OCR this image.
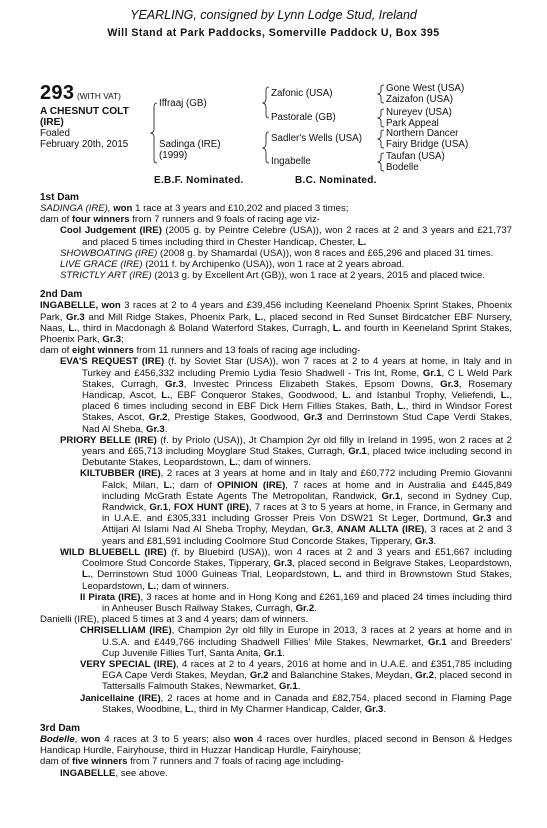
YEARLING, consigned by Lynn Lodge Stud, Ireland
Will Stand at Park Paddocks, Somerville Paddock U, Box 395
293 (WITH VAT)
A CHESNUT COLT
(IRE)
Foaled
February 20th, 2015
Iffraaj (GB)
Sadinga (IRE)
(1999)
Zafonic (USA)
Pastorale (GB)
Sadler's Wells (USA)
Ingabelle
Gone West (USA)
Zaizafon (USA)
Nureyev (USA)
Park Appeal
Northern Dancer
Fairy Bridge (USA)
Taufan (USA)
Bodelle
E.B.F. Nominated.	B.C. Nominated.
1st Dam

SADINGA (IRE), won 1 race at 3 years and £10,202 and placed 3 times;

dam of four winners from 7 runners and 9 foals of racing age viz-

Cool Judgement (IRE) (2005 g. by Peintre Celebre (USA)), won 2 races at 2 and 3 years and £21,737 and placed 5 times including third in Chester Handicap, Chester, L.

SHOWBOATING (IRE) (2008 g. by Shamardal (USA)), won 8 races and £65,296 and placed 31 times.

LIVE GRACE (IRE) (2011 f. by Archipenko (USA)), won 1 race at 2 years abroad.

STRICTLY ART (IRE) (2013 g. by Excellent Art (GB)), won 1 race at 2 years, 2015 and placed twice.

2nd Dam

INGABELLE, won 3 races at 2 to 4 years and £39,456 including Keeneland Phoenix Sprint Stakes, Phoenix Park, Gr.3 and Mill Ridge Stakes, Phoenix Park, L., placed second in Red Sunset Birdcatcher EBF Nursery, Naas, L., third in Macdonagh & Boland Waterford Stakes, Curragh, L. and fourth in Keeneland Sprint Stakes, Phoenix Park, Gr.3;

dam of eight winners from 11 runners and 13 foals of racing age including-

EVA'S REQUEST (IRE) (f. by Soviet Star (USA)), won 7 races at 2 to 4 years at home, in Italy and in Turkey and £456,332 including Premio Lydia Tesio Shadwell - Tris Int, Rome, Gr.1, C L Weld Park Stakes, Curragh, Gr.3, Investec Princess Elizabeth Stakes, Epsom Downs, Gr.3, Rosemary Handicap, Ascot, L., EBF Conqueror Stakes, Goodwood, L. and Istanbul Trophy, Veliefendi, L., placed 6 times including second in EBF Dick Hern Fillies Stakes, Bath, L., third in Windsor Forest Stakes, Ascot, Gr.2, Prestige Stakes, Goodwood, Gr.3 and Derrinstown Stud Cape Verdi Stakes, Nad Al Sheba, Gr.3.

PRIORY BELLE (IRE) (f. by Priolo (USA)), Jt Champion 2yr old filly in Ireland in 1995, won 2 races at 2 years and £65,713 including Moyglare Stud Stakes, Curragh, Gr.1, placed twice including second in Debutante Stakes, Leopardstown, L.; dam of winners.

KILTUBBER (IRE), 2 races at 3 years at home and in Italy and £60,772 including Premio Giovanni Falck, Milan, L.; dam of OPINION (IRE), 7 races at home and in Australia and £445,849 including McGrath Estate Agents The Metropolitan, Randwick, Gr.1, second in Sydney Cup, Randwick, Gr.1, FOX HUNT (IRE), 7 races at 3 to 5 years at home, in France, in Germany and in U.A.E. and £305,331 including Grosser Preis Von DSW21 St Leger, Dortmund, Gr.3 and Attijari Al Islami Nad Al Sheba Trophy, Meydan, Gr.3, ANAM ALLTA (IRE), 3 races at 2 and 3 years and £81,591 including Coolmore Stud Concorde Stakes, Tipperary, Gr.3.

WILD BLUEBELL (IRE) (f. by Bluebird (USA)), won 4 races at 2 and 3 years and £51,667 including Coolmore Stud Concorde Stakes, Tipperary, Gr.3, placed second in Belgrave Stakes, Leopardstown, L., Derrinstown Stud 1000 Guineas Trial, Leopardstown, L. and third in Brownstown Stud Stakes, Leopardstown, L.; dam of winners.

Il Pirata (IRE), 3 races at home and in Hong Kong and £261,169 and placed 24 times including third in Anheuser Busch Railway Stakes, Curragh, Gr.2.

Danielli (IRE), placed 5 times at 3 and 4 years; dam of winners.

CHRISELLIAM (IRE), Champion 2yr old filly in Europe in 2013, 3 races at 2 years at home and in U.S.A. and £449,766 including Shadwell Fillies' Mile Stakes, Newmarket, Gr.1 and Breeders' Cup Juvenile Fillies Turf, Santa Anita, Gr.1.

VERY SPECIAL (IRE), 4 races at 2 to 4 years, 2016 at home and in U.A.E. and £351,785 including EGA Cape Verdi Stakes, Meydan, Gr.2 and Balanchine Stakes, Meydan, Gr.2, placed second in Tattersalls Falmouth Stakes, Newmarket, Gr.1.

Janicellaine (IRE), 2 races at home and in Canada and £82,754, placed second in Flaming Page Stakes, Woodbine, L., third in My Charmer Handicap, Calder, Gr.3.

3rd Dam

Bodelle, won 4 races at 3 to 5 years; also won 4 races over hurdles, placed second in Benson & Hedges Handicap Hurdle, Fairyhouse, third in Huzzar Handicap Hurdle, Fairyhouse;

dam of five winners from 7 runners and 7 foals of racing age including-

INGABELLE, see above.
